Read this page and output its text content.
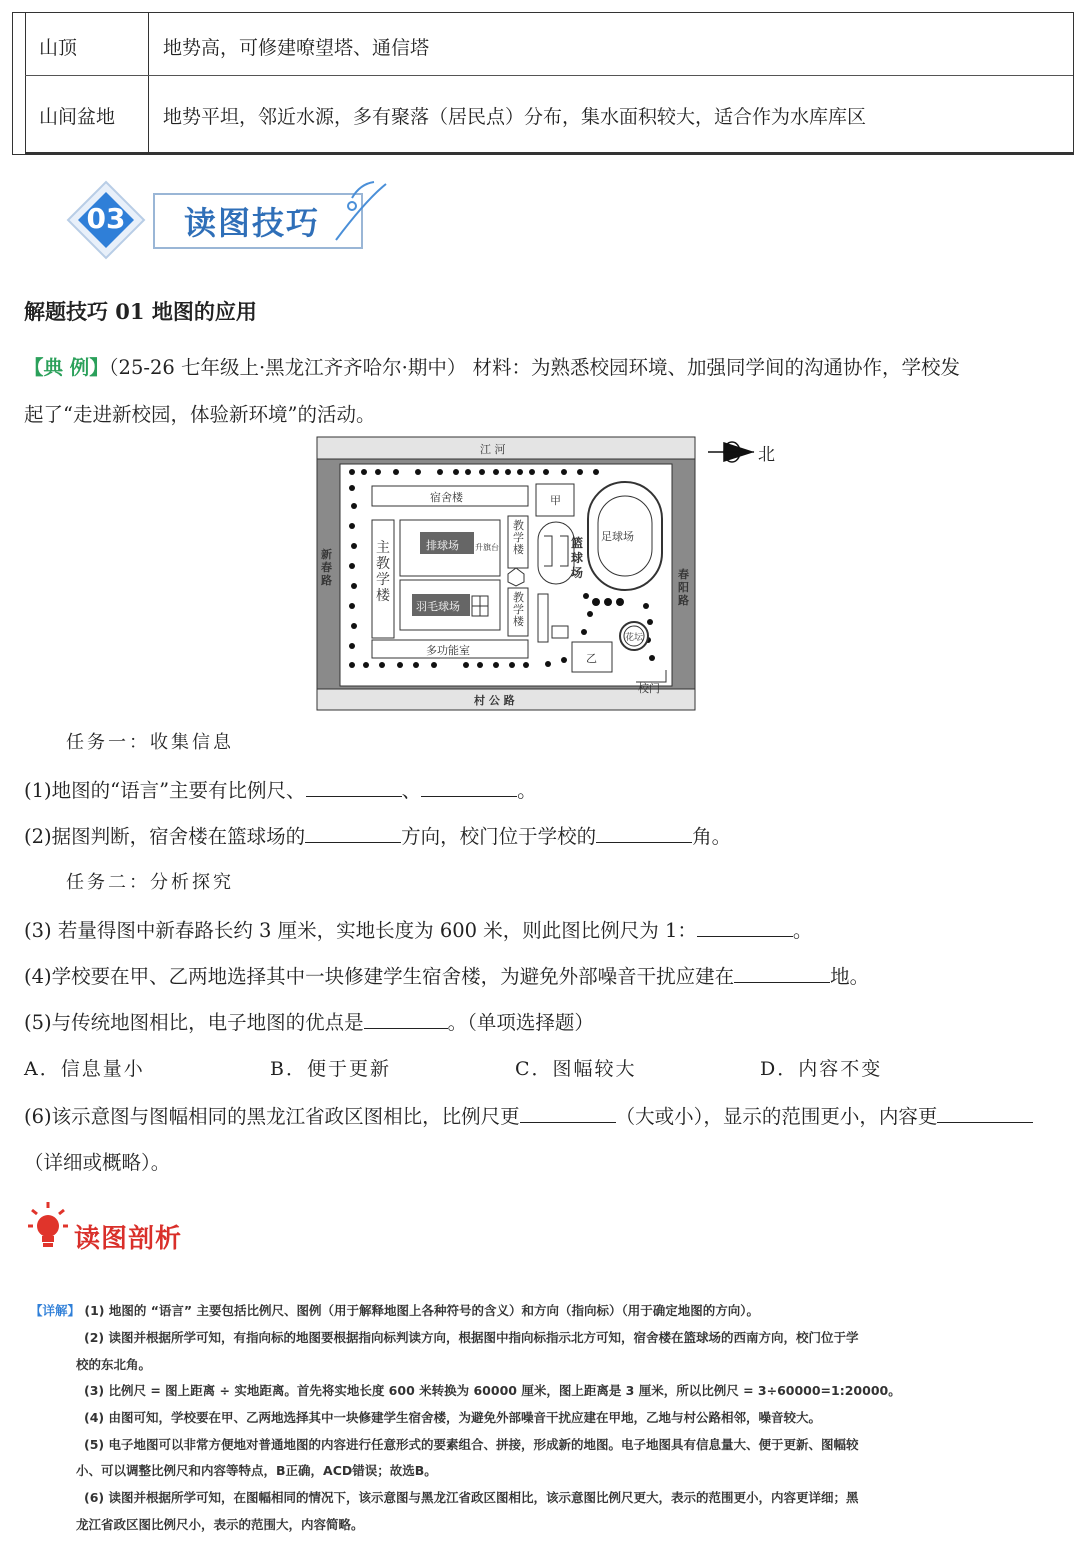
山顶	地势高，可修建嘹望塔、通信塔
山间盆地	地势平坦，邻近水源，多有聚落（居民点）分布，集水面积较大，适合作为水库库区
03 读图技巧
解题技巧 01 地图的应用
【典 例】（25-26 七年级上·黑龙江齐齐哈尔·期中） 材料：为熟悉校园环境、加强同学间的沟通协作，学校发
起了“走进新校园，体验新环境”的活动。
江 河
村 公 路
新春路	春阳路
宿舍楼	甲
足球场
排球场 升旗台
羽毛球场
主教学楼
教学楼
教学楼
篮球场
多功能室
乙
花坛
校门
北
任务一：收集信息
(1)地图的“语言”主要有比例尺、	、	。
(2)据图判断，宿舍楼在篮球场的	方向，校门位于学校的	角。
任务二：分析探究
(3) 若量得图中新春路长约 3 厘米，实地长度为 600 米，则此图比例尺为 1：	。
(4)学校要在甲、乙两地选择其中一块修建学生宿舍楼，为避免外部噪音干扰应建在	地。
(5)与传统地图相比，电子地图的优点是	。（单项选择题）
A．信息量小	B．便于更新	C．图幅较大	D．内容不变
(6)该示意图与图幅相同的黑龙江省政区图相比，比例尺更	（大或小），显示的范围更小，内容更
（详细或概略）。
读图剖析
【详解】 (1) 地图的 “语言” 主要包括比例尺、图例（用于解释地图上各种符号的含义）和方向（指向标）（用于确定地图的方向）。
(2) 读图并根据所学可知，有指向标的地图要根据指向标判读方向，根据图中指向标指示北方可知，宿舍楼在篮球场的西南方向，校门位于学
校的东北角。
(3) 比例尺 = 图上距离 ÷ 实地距离。首先将实地长度 600 米转换为 60000 厘米，图上距离是 3 厘米，所以比例尺 = 3÷60000=1:20000。
(4) 由图可知，学校要在甲、乙两地选择其中一块修建学生宿舍楼，为避免外部噪音干扰应建在甲地，乙地与村公路相邻，噪音较大。
(5) 电子地图可以非常方便地对普通地图的内容进行任意形式的要素组合、拼接，形成新的地图。电子地图具有信息量大、便于更新、图幅较
小、可以调整比例尺和内容等特点，B正确，ACD错误；故选B。
(6) 读图并根据所学可知，在图幅相同的情况下，该示意图与黑龙江省政区图相比，该示意图比例尺更大，表示的范围更小，内容更详细；黑
龙江省政区图比例尺小，表示的范围大，内容简略。
